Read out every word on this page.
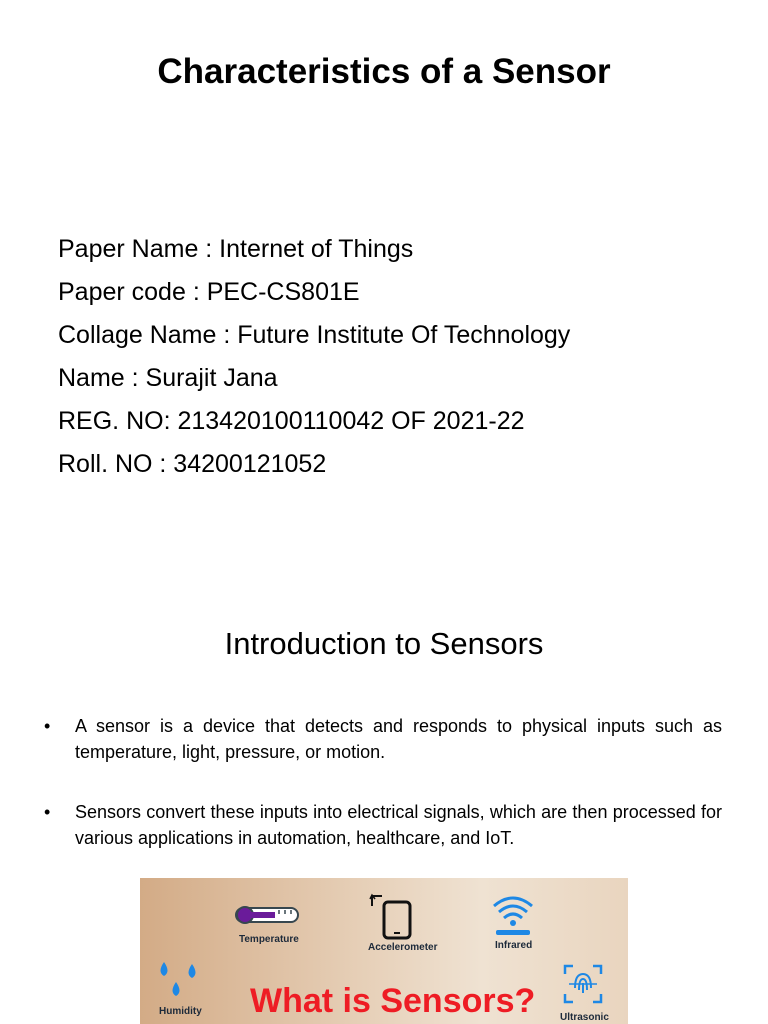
Characteristics of a Sensor
Paper Name : Internet of Things
Paper code : PEC-CS801E
Collage Name : Future Institute Of Technology
Name : Surajit Jana
REG. NO: 213420100110042 OF 2021-22
Roll. NO : 34200121052
Introduction to Sensors
• A sensor is a device that detects and responds to physical inputs such as temperature, light, pressure, or motion.
• Sensors convert these inputs into electrical signals, which are then processed for various applications in automation, healthcare, and IoT.
Temperature
Accelerometer	Infrared
Humidity
Ultrasonic
What is Sensors?
